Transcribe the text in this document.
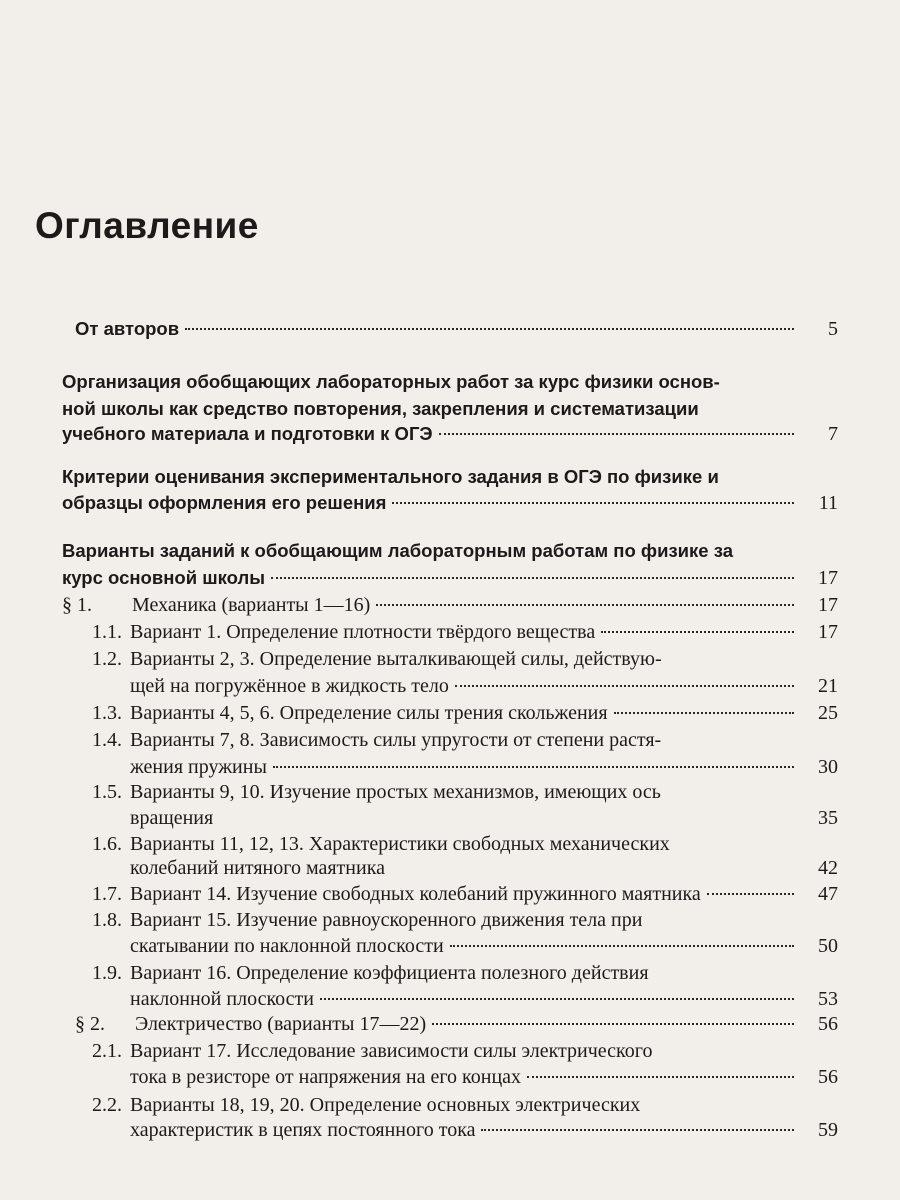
Оглавление
От авторов	5
Организация обобщающих лабораторных работ за курс физики основ-
ной школы как средство повторения, закрепления и систематизации
учебного материала и подготовки к ОГЭ	7
Критерии оценивания экспериментального задания в ОГЭ по физике и
образцы оформления его решения	11
Варианты заданий к обобщающим лабораторным работам по физике за
курс основной школы	17
§ 1.	Механика (варианты 1—16)	17
1.1. Вариант 1. Определение плотности твёрдого вещества	17
1.2. Варианты 2, 3. Определение выталкивающей силы, действую-
щей на погружённое в жидкость тело	21
1.3. Варианты 4, 5, 6. Определение силы трения скольжения	25
1.4. Варианты 7, 8. Зависимость силы упругости от степени растя-
жения пружины	30
1.5. Варианты 9, 10. Изучение простых механизмов, имеющих ось
вращения	35
1.6. Варианты 11, 12, 13. Характеристики свободных механических
колебаний нитяного маятника	42
1.7. Вариант 14. Изучение свободных колебаний пружинного маятника	47
1.8. Вариант 15. Изучение равноускоренного движения тела при
скатывании по наклонной плоскости	50
1.9. Вариант 16. Определение коэффициента полезного действия
наклонной плоскости	53
§ 2.	Электричество (варианты 17—22)	56
2.1. Вариант 17. Исследование зависимости силы электрического
тока в резисторе от напряжения на его концах	56
2.2. Варианты 18, 19, 20. Определение основных электрических
характеристик в цепях постоянного тока	59
